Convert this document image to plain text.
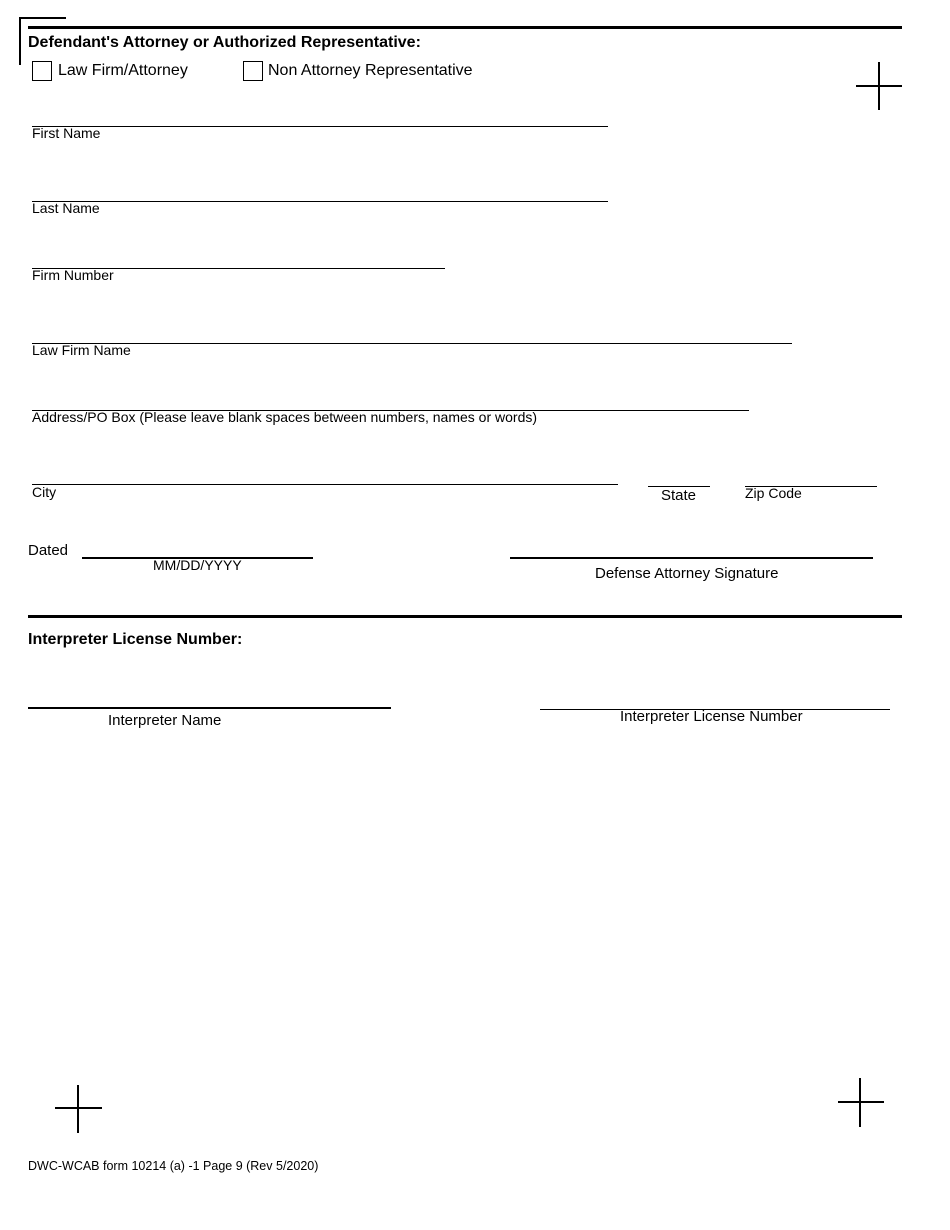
Defendant's Attorney or Authorized Representative:
Law Firm/Attorney	Non Attorney Representative
First Name
Last Name
Firm Number
Law Firm Name
Address/PO Box (Please leave blank spaces between numbers, names or words)
City	State	Zip Code
Dated
MM/DD/YYYY	Defense Attorney Signature
Interpreter License Number:
Interpreter Name	Interpreter License Number
DWC-WCAB form 10214 (a) -1 Page 9 (Rev 5/2020)
